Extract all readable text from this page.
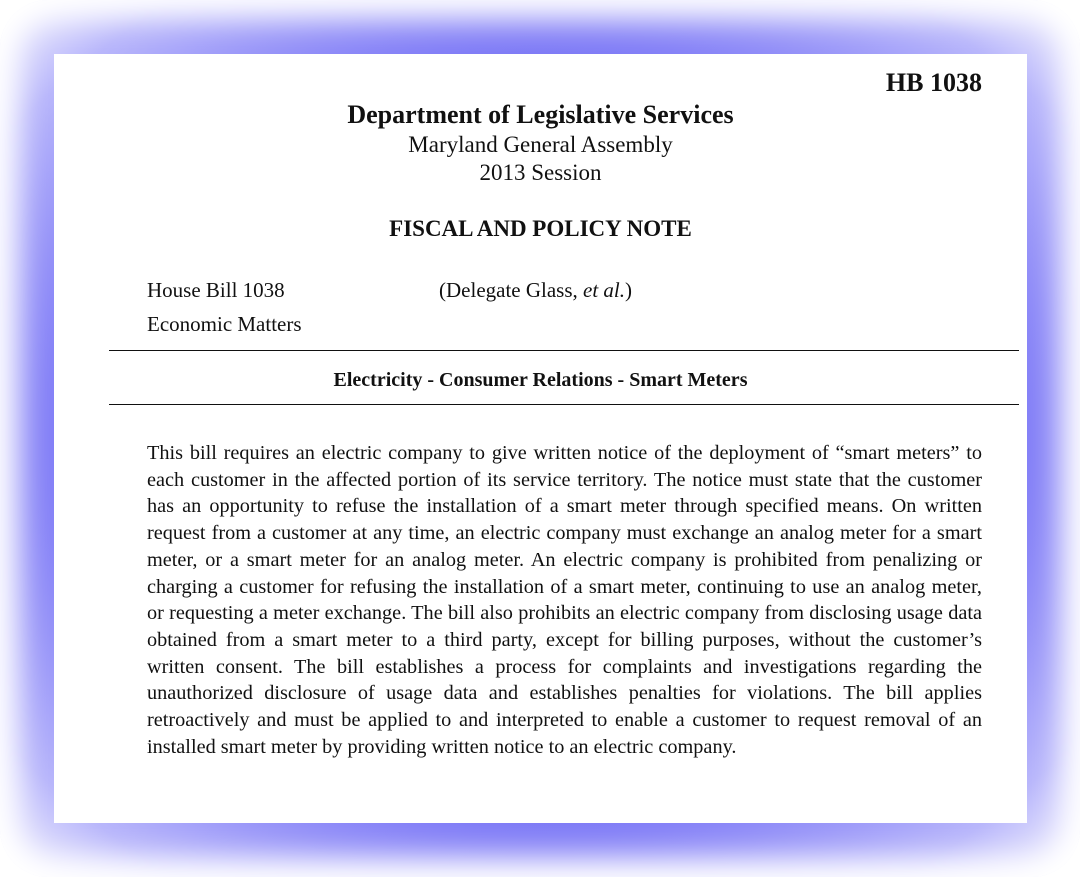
HB 1038
Department of Legislative Services
Maryland General Assembly
2013 Session
FISCAL AND POLICY NOTE
House Bill 1038	(Delegate Glass, et al.)
Economic Matters
Electricity - Consumer Relations - Smart Meters

This bill requires an electric company to give written notice of the deployment of “smart meters” to each customer in the affected portion of its service territory. The notice must state that the customer has an opportunity to refuse the installation of a smart meter through specified means. On written request from a customer at any time, an electric company must exchange an analog meter for a smart meter, or a smart meter for an analog meter. An electric company is prohibited from penalizing or charging a customer for refusing the installation of a smart meter, continuing to use an analog meter, or requesting a meter exchange. The bill also prohibits an electric company from disclosing usage data obtained from a smart meter to a third party, except for billing purposes, without the customer’s written consent. The bill establishes a process for complaints and investigations regarding the unauthorized disclosure of usage data and establishes penalties for violations. The bill applies retroactively and must be applied to and interpreted to enable a customer to request removal of an installed smart meter by providing written notice to an electric company.
